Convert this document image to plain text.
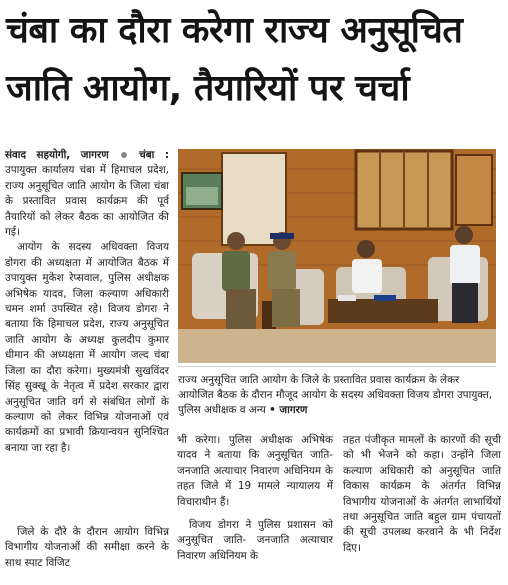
चंबा का दौरा करेगा राज्य अनुसूचित
जाति आयोग, तैयारियों पर चर्चा

संवाद सहयोगी, जागरण	चंबा : उपायुक्त कार्यालय चंबा में हिमाचल प्रदेश, राज्य अनुसूचित जाति आयोग के जिला चंबा के प्रस्तावित प्रवास कार्यक्रम की पूर्व तैयारियों को लेकर बैठक का आयोजित की गई।

आयोग के सदस्य अधिवक्ता विजय डोगरा की अध्यक्षता में आयोजित बैठक में उपायुक्त मुकेश रेप्सवाल, पुलिस अधीक्षक अभिषेक यादव, जिला कल्याण अधिकारी चमन शर्मा उपस्थित रहे। विजय डोगरा ने बताया कि हिमाचल प्रदेश, राज्य अनुसूचित जाति आयोग के अध्यक्ष कुलदीप कुमार धीमान की अध्यक्षता में आयोग जल्द चंबा जिला का दौरा करेगा। मुख्यमंत्री सुखविंदर सिंह सुक्खू के नेतृत्व में प्रदेश सरकार द्वारा अनुसूचित जाति वर्ग से संबंधित लोगों के कल्याण को लेकर विभिन्न योजनाओं एवं कार्यक्रमों का प्रभावी क्रियान्वयन सुनिश्चित बनाया जा रहा है।

जिले के दौरे के दौरान आयोग विभिन्न विभागीय योजनाओं की समीक्षा करने के साथ स्पाट विजिट

राज्य अनुसूचित जाति आयोग के जिले के प्रस्तावित प्रवास कार्यक्रम के लेकर आयोजित बैठक के दौरान मौजूद आयोग के सदस्य अधिवक्ता विजय डोगरा उपायुक्त, पुलिस अधीक्षक व अन्य • जागरण

भी करेगा। पुलिस अधीक्षक अभिषेक यादव ने बताया कि अनुसूचित जाति-जनजाति अत्याचार निवारण अधिनियम के तहत जिले में 19 मामले न्यायालय में विचाराधीन हैं।

विजय डोगरा ने पुलिस प्रशासन को अनुसूचित जाति- जनजाति अत्याचार निवारण अधिनियम के

तहत पंजीकृत मामलों के कारणों की सूची को भी भेजने को कहा। उन्होंने जिला कल्याण अधिकारी को अनुसूचित जाति विकास कार्यक्रम के अंतर्गत विभिन्न विभागीय योजनाओं के अंतर्गत लाभार्थियों तथा अनुसूचित जाति बहुल ग्राम पंचायतों की सूची उपलब्ध करवाने के भी निर्देश दिए।
